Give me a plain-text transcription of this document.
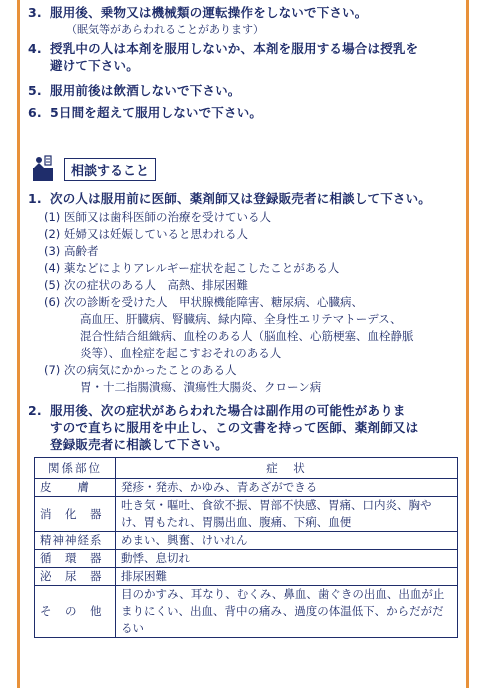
3. 服用後、乗物又は機械類の運転操作をしないで下さい。
（眠気等があらわれることがあります）
4. 授乳中の人は本剤を服用しないか、本剤を服用する場合は授乳を
避けて下さい。
5. 服用前後は飲酒しないで下さい。
6. 5日間を超えて服用しないで下さい。
相談すること
1. 次の人は服用前に医師、薬剤師又は登録販売者に相談して下さい。
(1) 医師又は歯科医師の治療を受けている人
(2) 妊婦又は妊娠していると思われる人
(3) 高齢者
(4) 薬などによりアレルギー症状を起こしたことがある人
(5) 次の症状のある人　高熱、排尿困難
(6) 次の診断を受けた人　甲状腺機能障害、糖尿病、心臓病、
高血圧、肝臓病、腎臓病、緑内障、全身性エリテマトーデス、
混合性結合組織病、血栓のある人（脳血栓、心筋梗塞、血栓静脈
炎等）、血栓症を起こすおそれのある人
(7) 次の病気にかかったことのある人
胃・十二指腸潰瘍、潰瘍性大腸炎、クローン病
2. 服用後、次の症状があらわれた場合は副作用の可能性がありま
すので直ちに服用を中止し、この文書を持って医師、薬剤師又は
登録販売者に相談して下さい。
関係部位	症　状
皮　　膚	発疹・発赤、かゆみ、青あざができる
消　化　器	吐き気・嘔吐、食欲不振、胃部不快感、胃痛、口内炎、胸やけ、胃もたれ、胃腸出血、腹痛、下痢、血便
精神神経系	めまい、興奮、けいれん
循　環　器	動悸、息切れ
泌　尿　器	排尿困難
そ　の　他	目のかすみ、耳なり、むくみ、鼻血、歯ぐきの出血、出血が止まりにくい、出血、背中の痛み、過度の体温低下、からだがだるい
